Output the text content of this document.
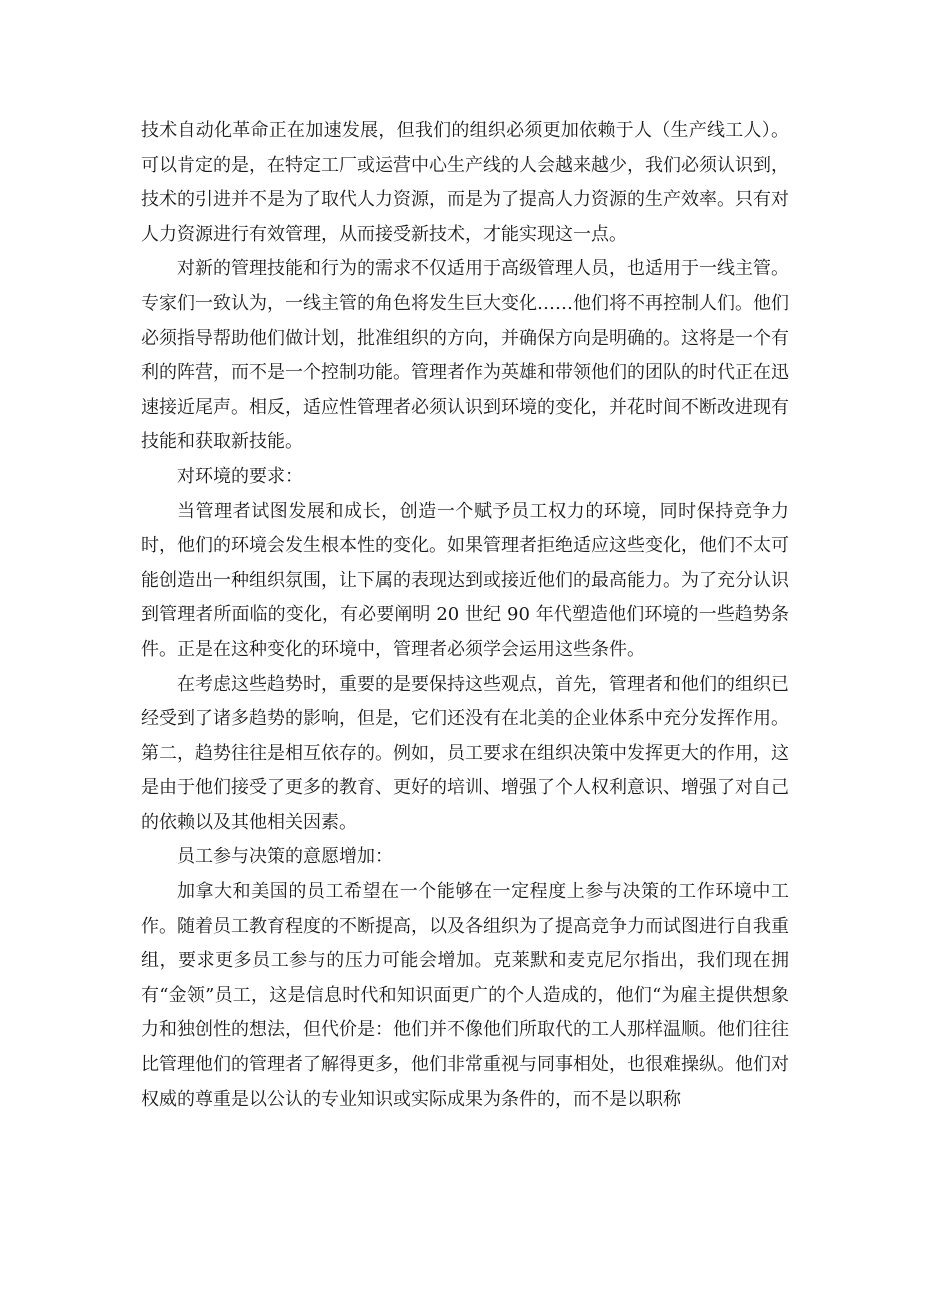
技术自动化革命正在加速发展，但我们的组织必须更加依赖于人（生产线工人）。可以肯定的是，在特定工厂或运营中心生产线的人会越来越少，我们必须认识到，技术的引进并不是为了取代人力资源，而是为了提高人力资源的生产效率。只有对人力资源进行有效管理，从而接受新技术，才能实现这一点。

对新的管理技能和行为的需求不仅适用于高级管理人员，也适用于一线主管。专家们一致认为，一线主管的角色将发生巨大变化……他们将不再控制人们。他们必须指导帮助他们做计划，批准组织的方向，并确保方向是明确的。这将是一个有利的阵营，而不是一个控制功能。管理者作为英雄和带领他们的团队的时代正在迅速接近尾声。相反，适应性管理者必须认识到环境的变化，并花时间不断改进现有技能和获取新技能。

对环境的要求：

当管理者试图发展和成长，创造一个赋予员工权力的环境，同时保持竞争力时，他们的环境会发生根本性的变化。如果管理者拒绝适应这些变化，他们不太可能创造出一种组织氛围，让下属的表现达到或接近他们的最高能力。为了充分认识到管理者所面临的变化，有必要阐明 20 世纪 90 年代塑造他们环境的一些趋势条件。正是在这种变化的环境中，管理者必须学会运用这些条件。

在考虑这些趋势时，重要的是要保持这些观点，首先，管理者和他们的组织已经受到了诸多趋势的影响，但是，它们还没有在北美的企业体系中充分发挥作用。第二，趋势往往是相互依存的。例如，员工要求在组织决策中发挥更大的作用，这是由于他们接受了更多的教育、更好的培训、增强了个人权利意识、增强了对自己的依赖以及其他相关因素。

员工参与决策的意愿增加：

加拿大和美国的员工希望在一个能够在一定程度上参与决策的工作环境中工作。随着员工教育程度的不断提高，以及各组织为了提高竞争力而试图进行自我重组，要求更多员工参与的压力可能会增加。克莱默和麦克尼尔指出，我们现在拥有“金领”员工，这是信息时代和知识面更广的个人造成的，他们“为雇主提供想象力和独创性的想法，但代价是：他们并不像他们所取代的工人那样温顺。他们往往比管理他们的管理者了解得更多，他们非常重视与同事相处，也很难操纵。他们对权威的尊重是以公认的专业知识或实际成果为条件的，而不是以职称
